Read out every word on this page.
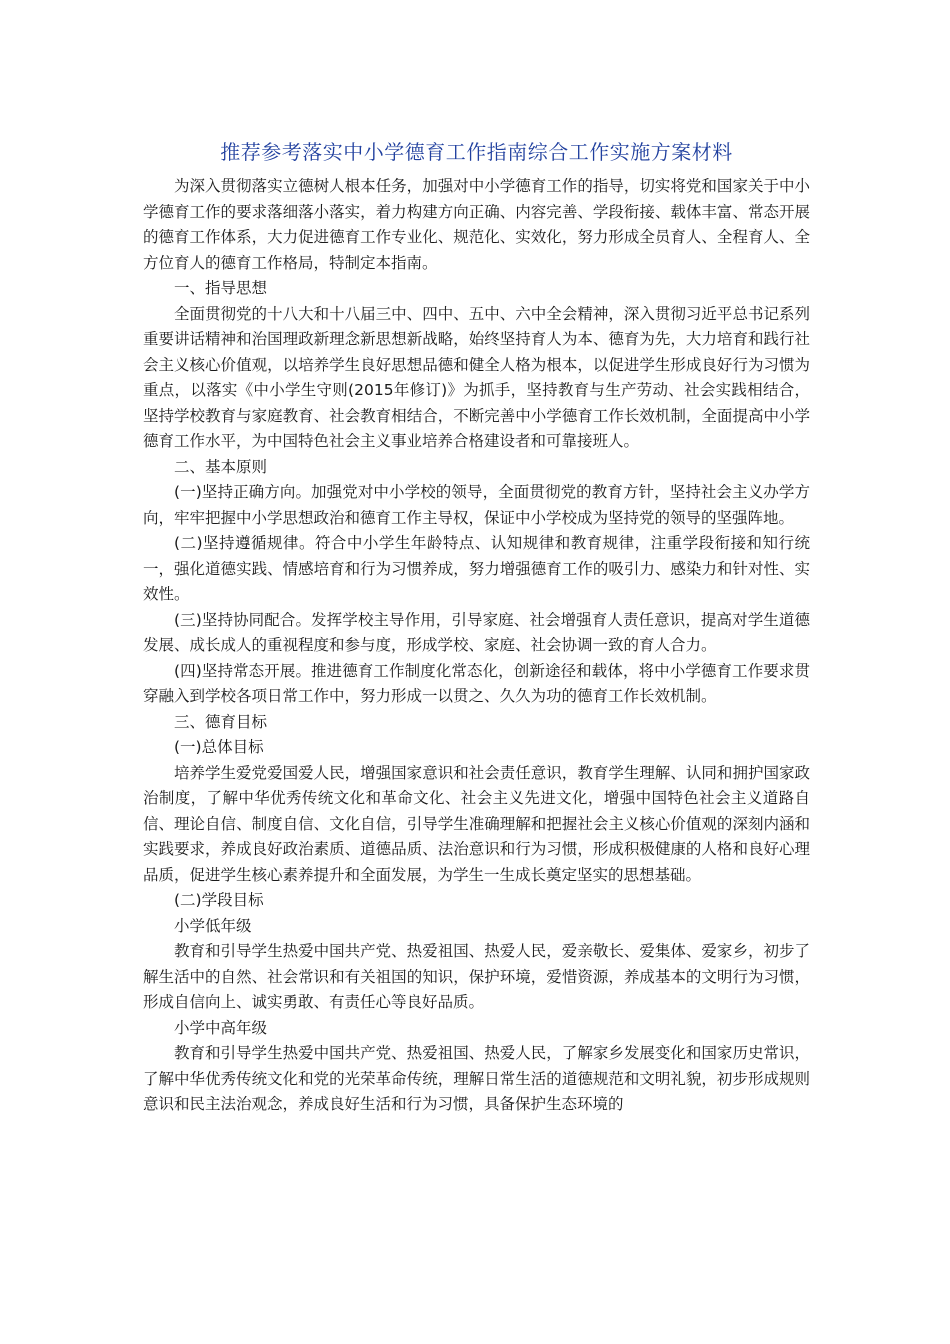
推荐参考落实中小学德育工作指南综合工作实施方案材料

为深入贯彻落实立德树人根本任务，加强对中小学德育工作的指导，切实将党和国家关于中小学德育工作的要求落细落小落实，着力构建方向正确、内容完善、学段衔接、载体丰富、常态开展的德育工作体系，大力促进德育工作专业化、规范化、实效化，努力形成全员育人、全程育人、全方位育人的德育工作格局，特制定本指南。

一、指导思想

全面贯彻党的十八大和十八届三中、四中、五中、六中全会精神，深入贯彻习近平总书记系列重要讲话精神和治国理政新理念新思想新战略，始终坚持育人为本、德育为先，大力培育和践行社会主义核心价值观，以培养学生良好思想品德和健全人格为根本，以促进学生形成良好行为习惯为重点，以落实《中小学生守则(2015年修订)》为抓手，坚持教育与生产劳动、社会实践相结合，坚持学校教育与家庭教育、社会教育相结合，不断完善中小学德育工作长效机制，全面提高中小学德育工作水平，为中国特色社会主义事业培养合格建设者和可靠接班人。

二、基本原则

(一)坚持正确方向。加强党对中小学校的领导，全面贯彻党的教育方针，坚持社会主义办学方向，牢牢把握中小学思想政治和德育工作主导权，保证中小学校成为坚持党的领导的坚强阵地。

(二)坚持遵循规律。符合中小学生年龄特点、认知规律和教育规律，注重学段衔接和知行统一，强化道德实践、情感培育和行为习惯养成，努力增强德育工作的吸引力、感染力和针对性、实效性。

(三)坚持协同配合。发挥学校主导作用，引导家庭、社会增强育人责任意识，提高对学生道德发展、成长成人的重视程度和参与度，形成学校、家庭、社会协调一致的育人合力。

(四)坚持常态开展。推进德育工作制度化常态化，创新途径和载体，将中小学德育工作要求贯穿融入到学校各项日常工作中，努力形成一以贯之、久久为功的德育工作长效机制。

三、德育目标

(一)总体目标

培养学生爱党爱国爱人民，增强国家意识和社会责任意识，教育学生理解、认同和拥护国家政治制度，了解中华优秀传统文化和革命文化、社会主义先进文化，增强中国特色社会主义道路自信、理论自信、制度自信、文化自信，引导学生准确理解和把握社会主义核心价值观的深刻内涵和实践要求，养成良好政治素质、道德品质、法治意识和行为习惯，形成积极健康的人格和良好心理品质，促进学生核心素养提升和全面发展，为学生一生成长奠定坚实的思想基础。

(二)学段目标

小学低年级

教育和引导学生热爱中国共产党、热爱祖国、热爱人民，爱亲敬长、爱集体、爱家乡，初步了解生活中的自然、社会常识和有关祖国的知识，保护环境，爱惜资源，养成基本的文明行为习惯，形成自信向上、诚实勇敢、有责任心等良好品质。

小学中高年级

教育和引导学生热爱中国共产党、热爱祖国、热爱人民，了解家乡发展变化和国家历史常识，了解中华优秀传统文化和党的光荣革命传统，理解日常生活的道德规范和文明礼貌，初步形成规则意识和民主法治观念，养成良好生活和行为习惯，具备保护生态环境的
